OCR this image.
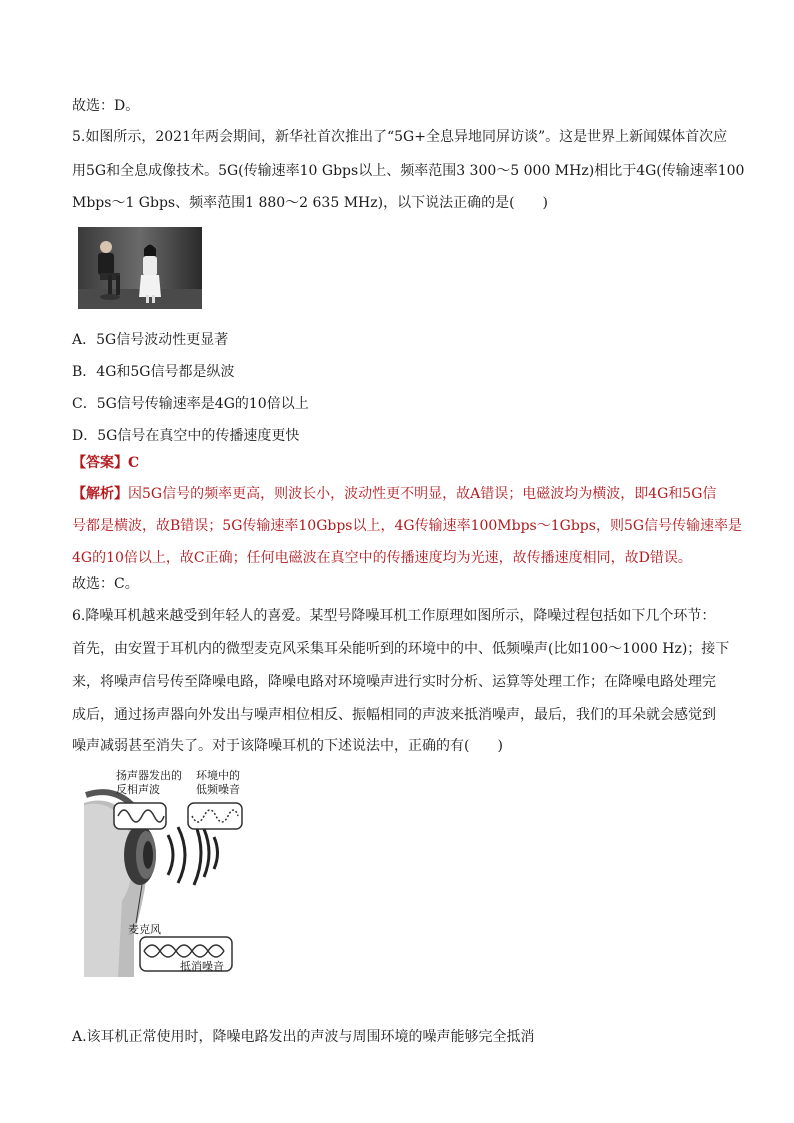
故选：D。
5.如图所示，2021年两会期间，新华社首次推出了“5G+全息异地同屏访谈”。这是世界上新闻媒体首次应
用5G和全息成像技术。5G(传输速率10 Gbps以上、频率范围3 300～5 000 MHz)相比于4G(传输速率100
Mbps～1 Gbps、频率范围1 880～2 635 MHz)，以下说法正确的是(　　)
A．5G信号波动性更显著
B．4G和5G信号都是纵波
C．5G信号传输速率是4G的10倍以上
D．5G信号在真空中的传播速度更快
【答案】C
【解析】因5G信号的频率更高，则波长小，波动性更不明显，故A错误；电磁波均为横波，即4G和5G信
号都是横波，故B错误；5G传输速率10Gbps以上，4G传输速率100Mbps～1Gbps，则5G信号传输速率是
4G的10倍以上，故C正确；任何电磁波在真空中的传播速度均为光速，故传播速度相同，故D错误。
故选：C。
6.降噪耳机越来越受到年轻人的喜爱。某型号降噪耳机工作原理如图所示，降噪过程包括如下几个环节：
首先，由安置于耳机内的微型麦克风采集耳朵能听到的环境中的中、低频噪声(比如100～1000 Hz)；接下
来，将噪声信号传至降噪电路，降噪电路对环境噪声进行实时分析、运算等处理工作；在降噪电路处理完
成后，通过扬声器向外发出与噪声相位相反、振幅相同的声波来抵消噪声，最后，我们的耳朵就会感觉到
噪声减弱甚至消失了。对于该降噪耳机的下述说法中，正确的有(　　)
扬声器发出的
反相声波
环境中的
低频噪音
麦克风
抵消噪音
A.该耳机正常使用时，降噪电路发出的声波与周围环境的噪声能够完全抵消
